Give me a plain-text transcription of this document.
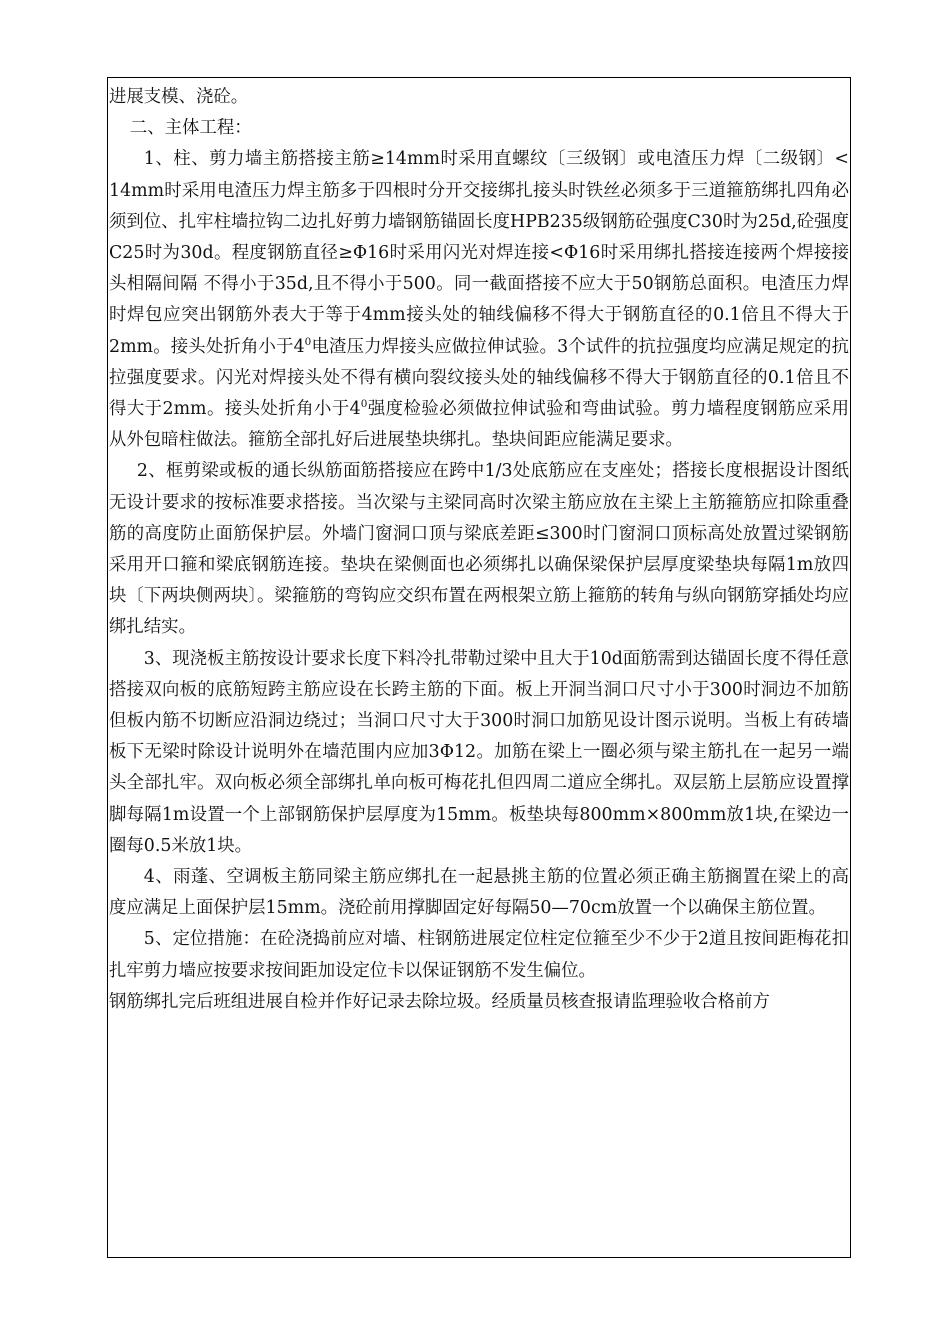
进展支模、浇砼。

二、主体工程：

1、柱、剪力墙主筋搭接主筋≥14mm时采用直螺纹〔三级钢〕或电渣压力焊〔二级钢〕< 14mm时采用电渣压力焊主筋多于四根时分开交接绑扎接头时铁丝必须多于三道箍筋绑扎四角必须到位、扎牢柱墙拉钩二边扎好剪力墙钢筋锚固长度HPB235级钢筋砼强度C30时为25d,砼强度C25时为30d。程度钢筋直径≥Φ16时采用闪光对焊连接<Φ16时采用绑扎搭接连接两个焊接接头相隔间隔 不得小于35d,且不得小于500。同一截面搭接不应大于50钢筋总面积。电渣压力焊时焊包应突出钢筋外表大于等于4mm接头处的轴线偏移不得大于钢筋直径的0.1倍且不得大于2mm。接头处折角小于$4^0$电渣压力焊接头应做拉伸试验。3个试件的抗拉强度均应满足规定的抗拉强度要求。闪光对焊接头处不得有横向裂纹接头处的轴线偏移不得大于钢筋直径的0.1倍且不得大于2mm。接头处折角小于$4^0$强度检验必须做拉伸试验和弯曲试验。剪力墙程度钢筋应采用从外包暗柱做法。箍筋全部扎好后进展垫块绑扎。垫块间距应能满足要求。

2、框剪梁或板的通长纵筋面筋搭接应在跨中1/3处底筋应在支座处；搭接长度根据设计图纸无设计要求的按标准要求搭接。当次梁与主梁同高时次梁主筋应放在主梁上主筋箍筋应扣除重叠筋的高度防止面筋保护层。外墙门窗洞口顶与梁底差距≤300时门窗洞口顶标高处放置过梁钢筋采用开口箍和梁底钢筋连接。垫块在梁侧面也必须绑扎以确保梁保护层厚度梁垫块每隔1m放四块〔下两块侧两块〕。梁箍筋的弯钩应交织布置在两根架立筋上箍筋的转角与纵向钢筋穿插处均应绑扎结实。

3、现浇板主筋按设计要求长度下料冷扎带勒过梁中且大于10d面筋需到达锚固长度不得任意搭接双向板的底筋短跨主筋应设在长跨主筋的下面。板上开洞当洞口尺寸小于300时洞边不加筋但板内筋不切断应沿洞边绕过；当洞口尺寸大于300时洞口加筋见设计图示说明。当板上有砖墙板下无梁时除设计说明外在墙范围内应加3Φ12。加筋在梁上一圈必须与梁主筋扎在一起另一端头全部扎牢。双向板必须全部绑扎单向板可梅花扎但四周二道应全绑扎。双层筋上层筋应设置撑脚每隔1m设置一个上部钢筋保护层厚度为15mm。板垫块每800mm×800mm放1块,在梁边一圈每0.5米放1块。

4、雨蓬、空调板主筋同梁主筋应绑扎在一起悬挑主筋的位置必须正确主筋搁置在梁上的高度应满足上面保护层15mm。浇砼前用撑脚固定好每隔50—70cm放置一个以确保主筋位置。

5、定位措施：在砼浇捣前应对墙、柱钢筋进展定位柱定位箍至少不少于2道且按间距梅花扣扎牢剪力墙应按要求按间距加设定位卡以保证钢筋不发生偏位。

钢筋绑扎完后班组进展自检并作好记录去除垃圾。经质量员核查报请监理验收合格前方
